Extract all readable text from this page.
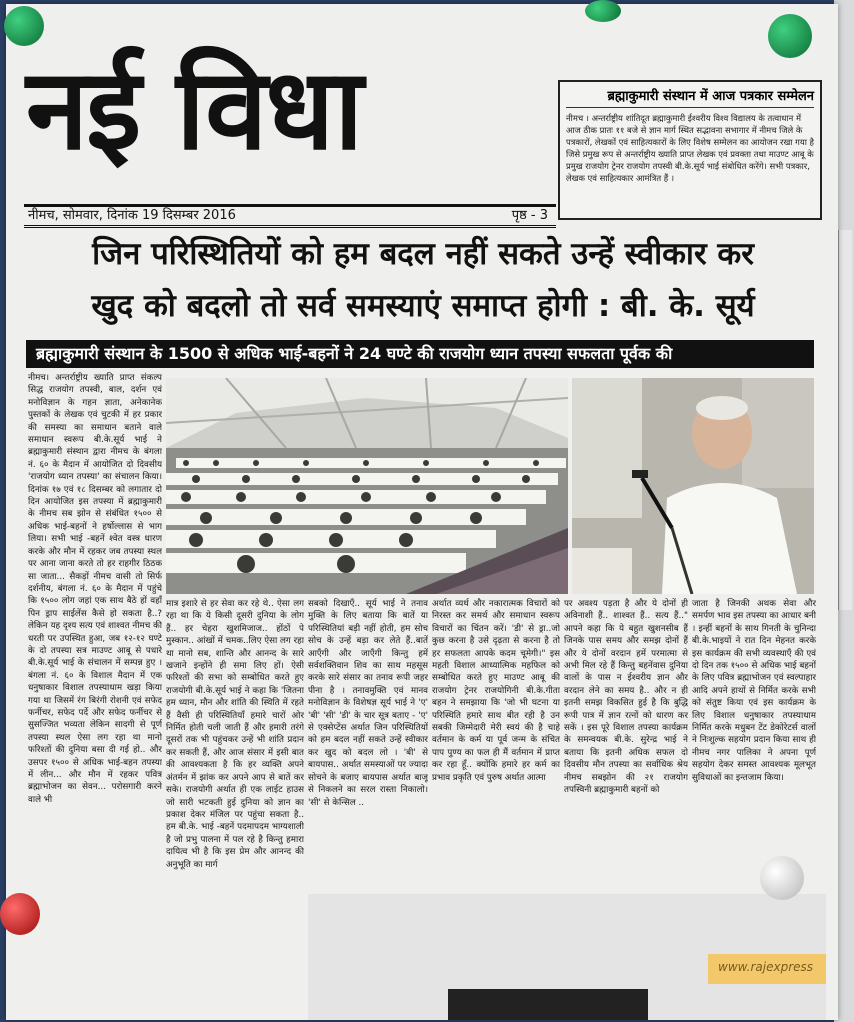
नई विधा
नीमच, सोमवार, दिनांक 19 दिसम्बर 2016	पृष्ठ - 3
ब्रह्माकुमारी संस्थान में आज पत्रकार सम्मेलन

नीमच । अन्तर्राष्ट्रीय शांतिदूत ब्रह्माकुमारी ईश्वरीय विश्व विद्यालय के तत्वाधान में आज ठीक प्रातः ११ बजे से ज्ञान मार्ग स्थित सद्भावना सभागार में नीमच जिले के पत्रकारों, लेखकों एवं साहित्यकारों के लिए विशेष सम्मेलन का आयोजन रखा गया है जिसे प्रमुख रूप से अन्तर्राष्ट्रीय ख्याति प्राप्त लेखक एवं प्रवक्ता तथा माउण्ट आबू के प्रमुख राजयोग ट्रेनर राजयोग तपस्वी बी.के.सूर्य भाई संबोधित करेंगे। सभी पत्रकार, लेखक एवं साहित्यकार आमंत्रित हैं ।

जिन परिस्थितियों को हम बदल नहीं सकते उन्हें स्वीकार कर
खुद को बदलो तो सर्व समस्याएं समाप्त होगी : बी. के. सूर्य
ब्रह्माकुमारी संस्थान के 1500 से अधिक भाई-बहनों ने 24 घण्टे की राजयोग ध्यान तपस्या सफलता पूर्वक की
नीमच। अन्तर्राष्ट्रीय ख्याति प्राप्त संकल्प सिद्ध राजयोग तपस्वी, बाल, दर्शन एवं मनोविज्ञान के गहन ज्ञाता, अनेकानेक पुस्तकों के लेखक एवं चुटकी में हर प्रकार की समस्या का समाधान बताने वाले समाधान स्वरूप बी.के.सूर्य भाई ने ब्रह्माकुमारी संस्थान द्वारा नीमच के बंगला नं. ६० के मैदान में आयोजित दो दिवसीय 'राजयोग ध्यान तपस्या' का संचालन किया। दिनांक १७ एवं १८ दिसम्बर को लगातार दो दिन आयोजित इस तपस्या में ब्रह्माकुमारी के नीमच सब झोन से संबंधित १५०० से अधिक भाई-बहनों ने हर्षोल्लास से भाग लिया। सभी भाई -बहनें श्वेत वस्त्र धारण करके और मौन में रहकर जब तपस्या स्थल पर आना जाना करते तो हर राहगीर ठिठक सा जाता... सैकड़ों नीमच वासी तो सिर्फ दर्शनीय, बंगला नं. ६० के मैदान में पहुंचे कि १५०० लोग जहां एक साथ बैठे हों वहाँ पिन ड्राप साईलेंस कैसे हो सकता है..? लेकिन यह दृश्य सत्य एवं शाश्वत नीमच की धरती पर उपस्थित हुआ, जब १२-१२ घण्टे के दो तपस्या सत्र माउण्ट आबू से पधारे बी.के.सूर्य भाई के संचालन में सम्पन्न हुए । बंगला नं. ६० के विशाल मैदान में एक धनुषाकार विशाल तपस्याधाम खड़ा किया गया था जिसमें रंग बिरंगी रोशनी एवं सफेद फर्नीचर, सफेद पर्दे और सफेद फर्नीचर से सुसज्जित भव्यता लेकिन सादगी से पूर्ण तपस्या स्थल ऐसा लग रहा था मानो फरिश्तों की दुनिया बसा दी गई हो.. और उसपर १५०० से अधिक भाई-बहन तपस्या में लीन... और मौन में रहकर पवित्र ब्रह्माभोजन का सेवन... परोसगारी करने वाले भी
मात्र इशारे से हर सेवा कर रहे थे.. ऐसा लग रहा था कि ये किसी दूसरी दुनिया के लोग हैं.. हर चेहरा खुशमिजाज.. होंठों पे मुस्कान.. आंखों में चमक..लिए ऐसा लग रहा था मानो सब, शान्ति और आनन्द के सारे खजाने इन्होंने ही समा लिए हों। ऐसी फरिश्तों की सभा को सम्बोधित करते हुए राजयोगी बी.के.सूर्य भाई ने कहा कि 'जितना हम ध्यान, मौन और शांति की स्थिति में रहते हैं वैसी ही परिस्थितियाँ हमारे चारों ओर निर्मित होती चली जाती हैं और हमारी तरंगे दूसरों तक भी पहुंचकर उन्हें भी शांति प्रदान कर सकती हैं, और आज संसार में इसी बात की आवश्यकता है कि हर व्यक्ति अपने अंतर्मन में झांक कर अपने आप से बातें कर सके। राजयोगी अर्थात ही एक लाईट हाउस जो सारी भटकती हुई दुनिया को ज्ञान का प्रकाश देकर मंजिल पर पहुंचा सकता है.. हम बी.के. भाई -बहनें पदमापदम भाग्यशाली है जो प्रभु पालना में पल रहे है किन्तु हमारा दायित्व भी है कि इस प्रेम और आनन्द की अनुभूति का मार्ग
सबको दिखाएँ.. सूर्य भाई ने तनाव मुक्ति के लिए बताया कि बातें या परिस्थितियां बड़ी नहीं होती, हम सोच सोच के उन्हें बड़ा कर लेते हैं..बातें आएँगी और जाएँगी किन्तु हमें सर्वशक्तिवान शिव का साथ महसूस करके सारे संसार का तनाव रूपी जहर पीना है । तनावमुक्ति एवं मानव मनोविज्ञान के विशेषज्ञ सूर्य भाई ने 'ए' 'बी' 'सी' 'डी' के चार सूत्र बताए - 'ए' से एक्सेप्टेंस अर्थात जिन परिस्थितियों को हम बदल नहीं सकते उन्हें स्वीकार कर खुद को बदल लो । 'बी' से बायपास.. अर्थात समस्याओं पर ज्यादा सोचने के बजाए बायपास अर्थात बाजू से निकलने का सरल रास्ता निकालो। 'सी' से केन्सिल ..
अर्थात व्यर्थ और नकारात्मक विचारों को निरस्त कर समर्थ और समाधान स्वरूप विचारों का चिंतन करें। 'डी' से ड्रा..जो कुछ करना है उसे दृढ़ता से करना है तो हर सफलता आपके कदम चूमेगी।" इस महती विशाल आध्यात्मिक महफिल को सम्बोधित करते हुए माउण्ट आबू की राजयोग ट्रेनर राजयोगिनी बी.के.गीता बहन ने समझाया कि 'जो भी घटना या परिस्थिति हमारे साथ बीत रही है उन सबकी जिम्मेदारी मेरी स्वयं की है चाहे वर्तमान के कर्म या पूर्व जन्म के संचित पाप पुण्य का फल ही मैं वर्तमान में प्राप्त कर रहा हूँ.. क्योंकि हमारे हर कर्म का प्रभाव प्रकृति एवं पुरुष अर्थात आत्मा
पर अवश्य पड़ता है और ये दोनों ही अविनाशी हैं.. शाश्वत हैं.. सत्य हैं.." आपने कहा कि ये बहुत खुशनसीब हैं जिनके पास समय और समझ दोनों हैं और ये दोनों वरदान हमें परमात्मा से अभी मिल रहे हैं किन्तु बहनेंवास दुनिया वालों के पास न ईश्वरीय ज्ञान और वरदान लेने का समय है.. और न ही इतनी समझ विकसित हुई है कि बुद्धि रूपी पात्र में ज्ञान रत्नों को धारण कर सकें । इस पूरे विशाल तपस्या कार्यक्रम के समन्वयक बी.के. सुरेन्द्र भाई ने बताया कि इतनी अधिक सफल दो दिवसीय मौन तपस्या का सर्वाधिक श्रेय नीमच सबझोन की २१ राजयोग तपस्विनी ब्रह्माकुमारी बहनों को
जाता है जिनकी अथक सेवा और समर्पण भाव इस तपस्या का आधार बनी । इन्हीं बहनों के साथ गिनती के चुनिन्दा बी.के.भाइयों ने रात दिन मेहनत करके इस कार्यक्रम की सभी व्यवस्थाएँ की एवं दो दिन तक १५०० से अधिक भाई बहनों के लिए पवित्र ब्रह्माभोजन एवं स्वल्पाहार आदि अपने हाथों से निर्मित करके सभी को संतुष्ट किया एवं इस कार्यक्रम के लिए विशाल धनुषाकार तपस्याधाम निर्मित करके मधुबन टेंट डेकोरेटर्स वालों ने निःशुल्क सहयोग प्रदान किया साथ ही नीमच नगर पालिका ने अपना पूर्ण सहयोग देकर समस्त आवश्यक मूलभूत सुविधाओं का इन्तजाम किया।
www.rajexpress
